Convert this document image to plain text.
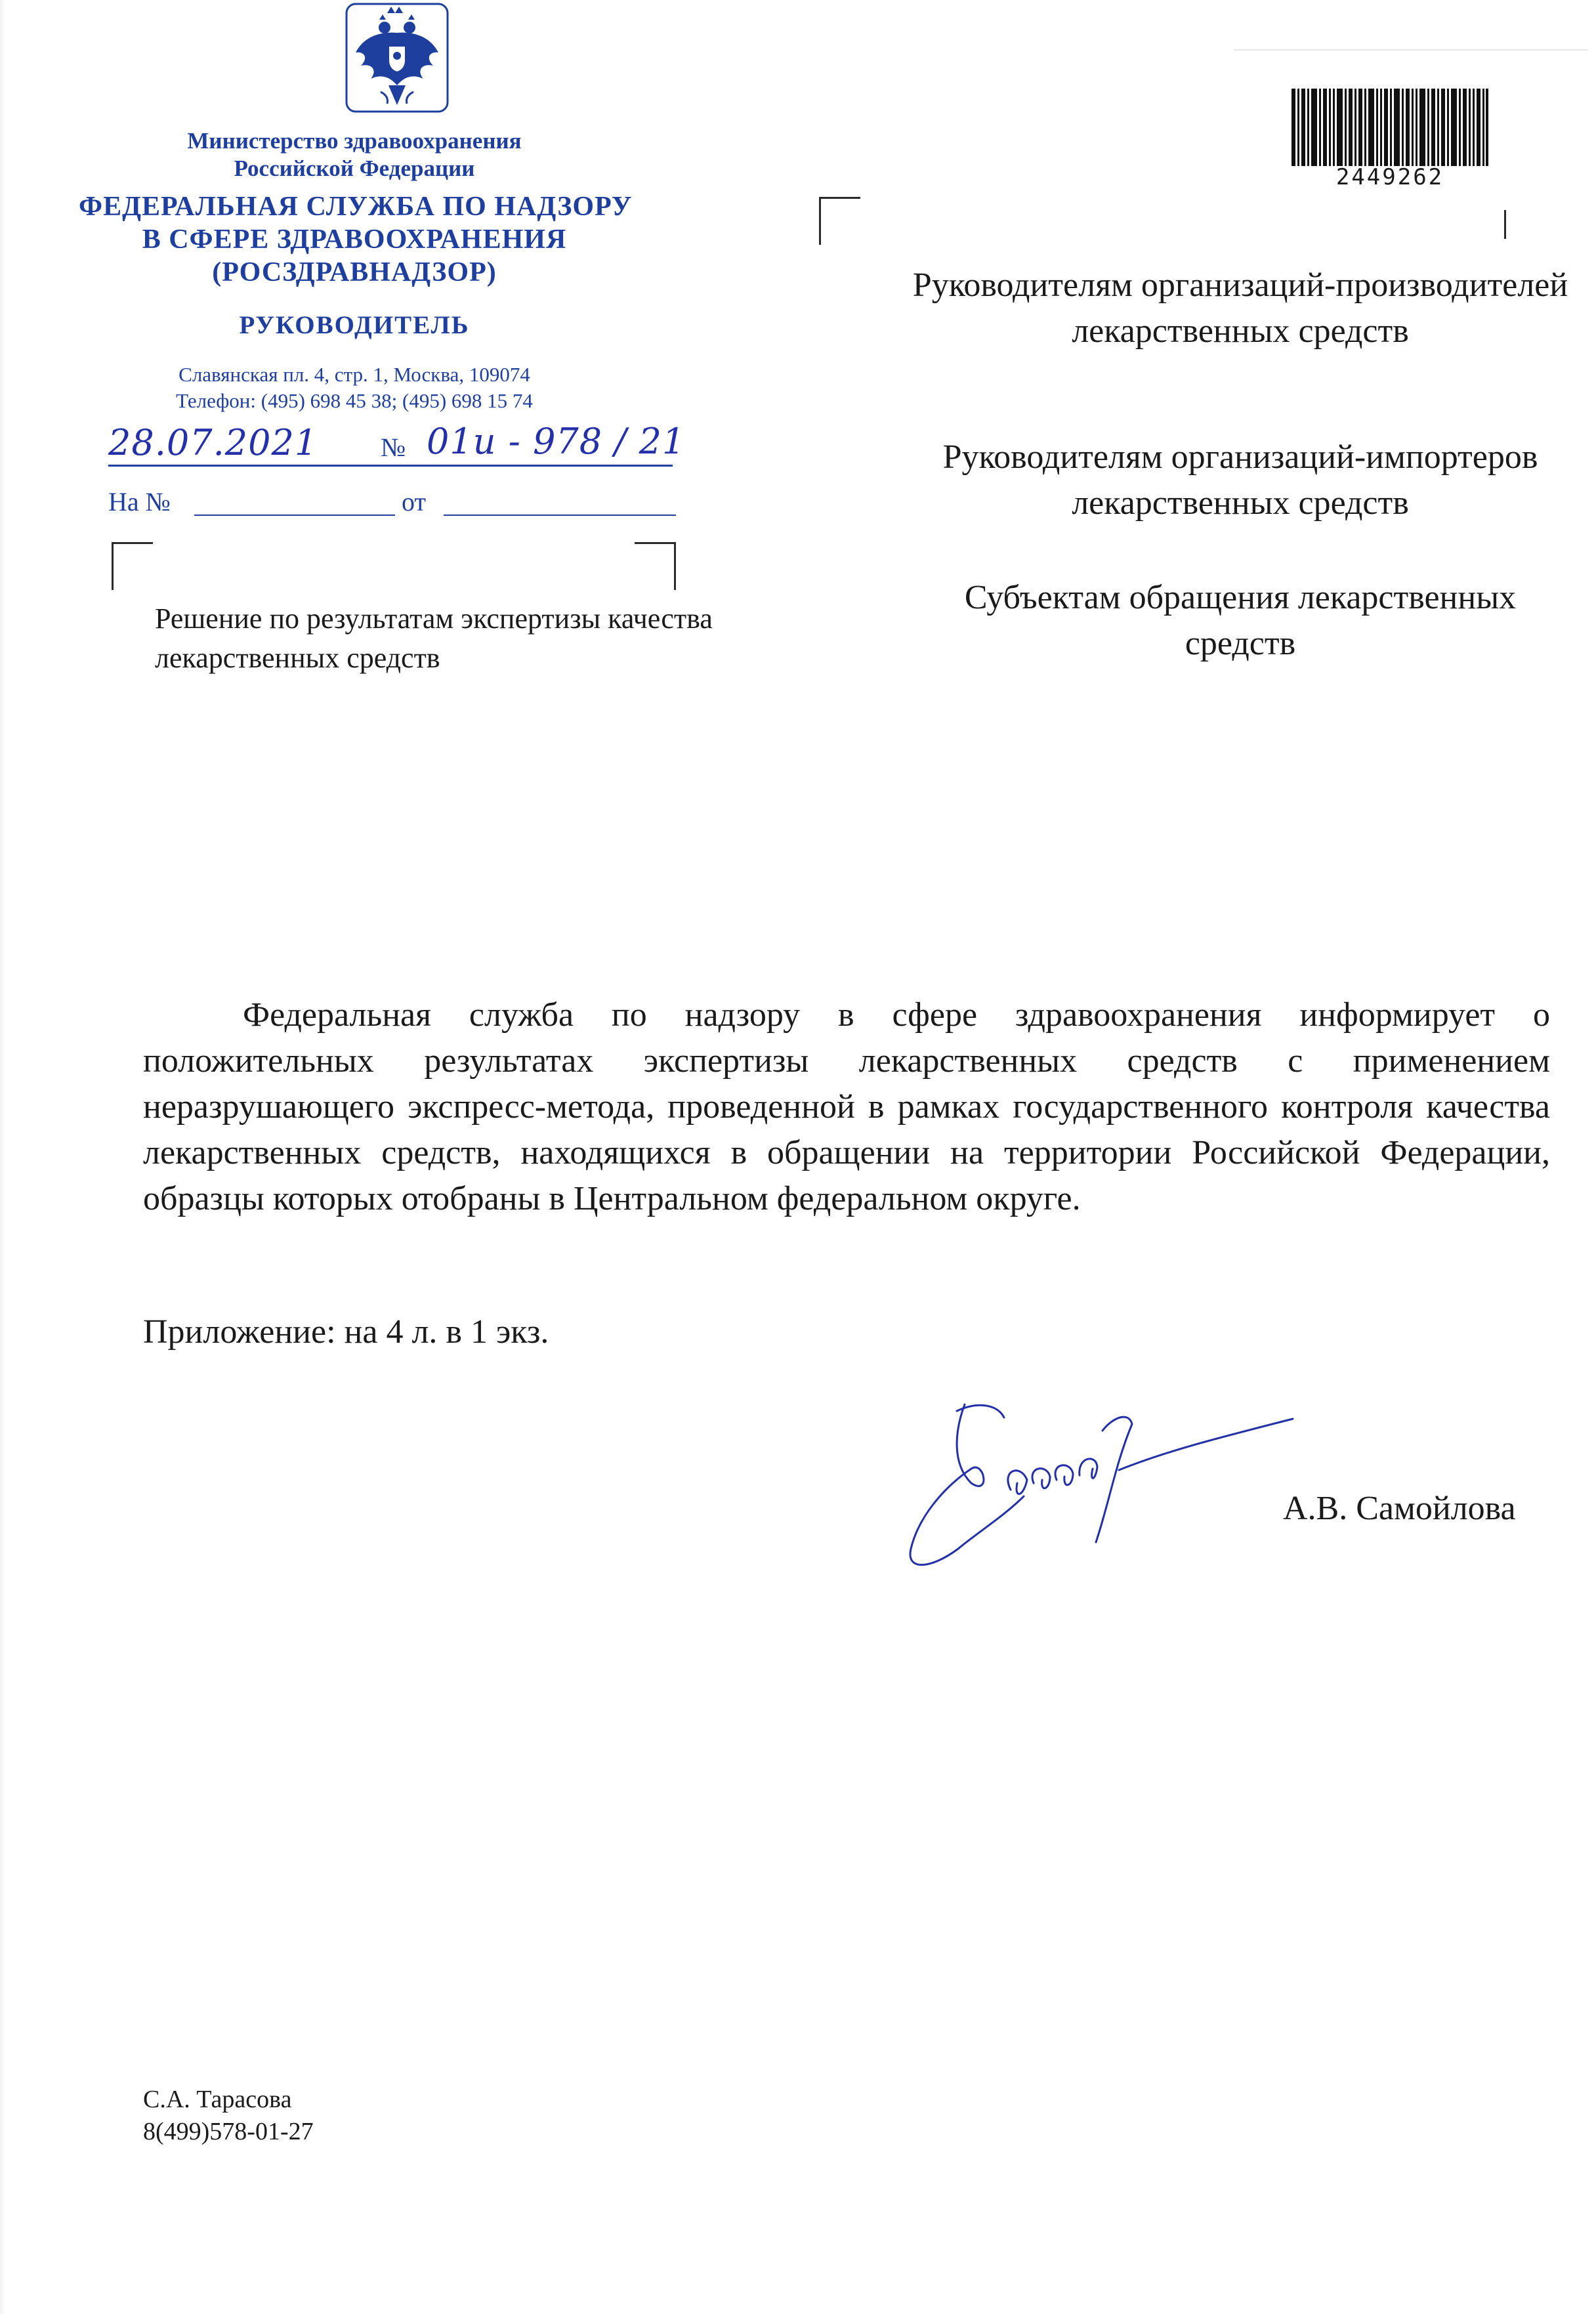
Министерство здравоохранения
Российской Федерации
ФЕДЕРАЛЬНАЯ СЛУЖБА ПО НАДЗОРУ
В СФЕРЕ ЗДРАВООХРАНЕНИЯ
(РОСЗДРАВНАДЗОР)
РУКОВОДИТЕЛЬ
Славянская пл. 4, стр. 1, Москва, 109074
Телефон: (495) 698 45 38; (495) 698 15 74
28.07.2021 № 01и - 978 / 21
На №	от
Решение по результатам экспертизы качества лекарственных средств
2449262
Руководителям организаций-производителей лекарственных средств
Руководителям организаций-импортеров лекарственных средств
Субъектам обращения лекарственных средств
Федеральная служба по надзору в сфере здравоохранения информирует о положительных результатах экспертизы лекарственных средств с применением неразрушающего экспресс-метода, проведенной в рамках государственного контроля качества лекарственных средств, находящихся в обращении на территории Российской Федерации, образцы которых отобраны в Центральном федеральном округе.
Приложение: на 4 л. в 1 экз.
А.В. Самойлова
С.А. Тарасова
8(499)578-01-27
